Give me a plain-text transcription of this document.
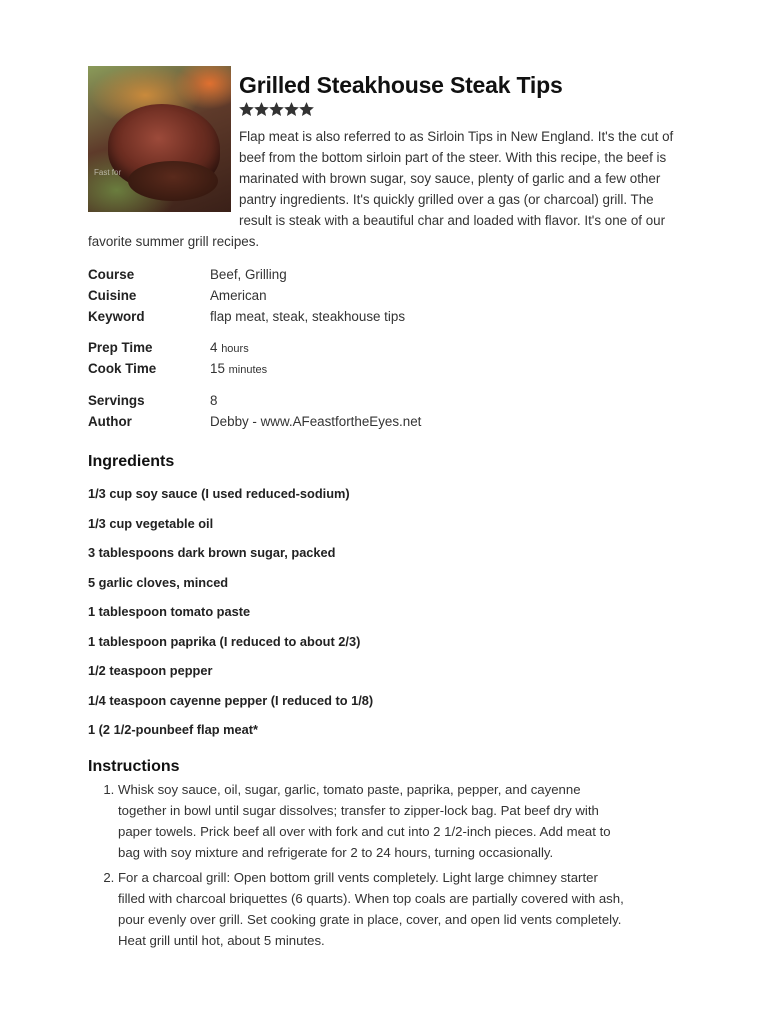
Fast for
Grilled Steakhouse Steak Tips
Flap meat is also referred to as Sirloin Tips in New England. It's the cut of beef from the bottom sirloin part of the steer. With this recipe, the beef is marinated with brown sugar, soy sauce, plenty of garlic and a few other pantry ingredients. It's quickly grilled over a gas (or charcoal) grill. The result is steak with a beautiful char and loaded with flavor. It's one of our favorite summer grill recipes.
Course	Beef, Grilling
Cuisine	American
Keyword	flap meat, steak, steakhouse tips
Prep Time	4 hours
Cook Time	15 minutes
Servings	8
Author	Debby - www.AFeastfortheEyes.net
Ingredients
1/3 cup soy sauce (I used reduced-sodium)
1/3 cup vegetable oil
3 tablespoons dark brown sugar, packed
5 garlic cloves, minced
1 tablespoon tomato paste
1 tablespoon paprika (I reduced to about 2/3)
1/2 teaspoon pepper
1/4 teaspoon cayenne pepper (I reduced to 1/8)
1 (2 1/2-pounbeef flap meat*
Instructions
1. Whisk soy sauce, oil, sugar, garlic, tomato paste, paprika, pepper, and cayenne together in bowl until sugar dissolves; transfer to zipper-lock bag. Pat beef dry with paper towels. Prick beef all over with fork and cut into 2 1/2-inch pieces. Add meat to bag with soy mixture and refrigerate for 2 to 24 hours, turning occasionally.
2. For a charcoal grill: Open bottom grill vents completely. Light large chimney starter filled with charcoal briquettes (6 quarts). When top coals are partially covered with ash, pour evenly over grill. Set cooking grate in place, cover, and open lid vents completely. Heat grill until hot, about 5 minutes.
